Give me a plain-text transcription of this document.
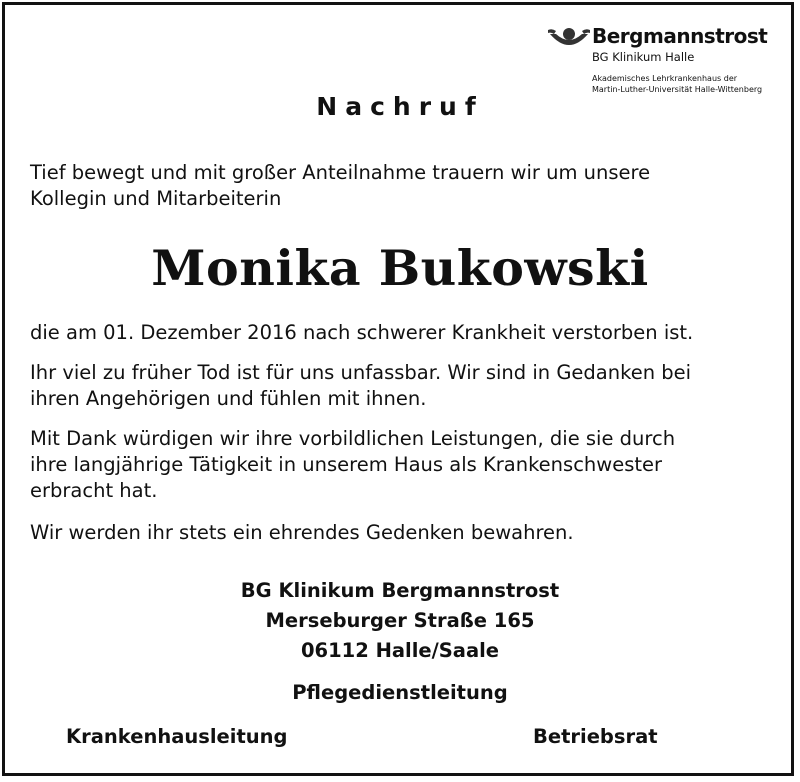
Bergmannstrost
BG Klinikum Halle
Akademisches Lehrkrankenhaus der
Martin-Luther-Universität Halle-Wittenberg
Nachruf
Tief bewegt und mit großer Anteilnahme trauern wir um unsere
Kollegin und Mitarbeiterin
Monika Bukowski
die am 01. Dezember 2016 nach schwerer Krankheit verstorben ist.
Ihr viel zu früher Tod ist für uns unfassbar. Wir sind in Gedanken bei
ihren Angehörigen und fühlen mit ihnen.
Mit Dank würdigen wir ihre vorbildlichen Leistungen, die sie durch
ihre langjährige Tätigkeit in unserem Haus als Krankenschwester
erbracht hat.
Wir werden ihr stets ein ehrendes Gedenken bewahren.
BG Klinikum Bergmannstrost
Merseburger Straße 165
06112 Halle/Saale
Pflegedienstleitung
Krankenhausleitung	Betriebsrat
